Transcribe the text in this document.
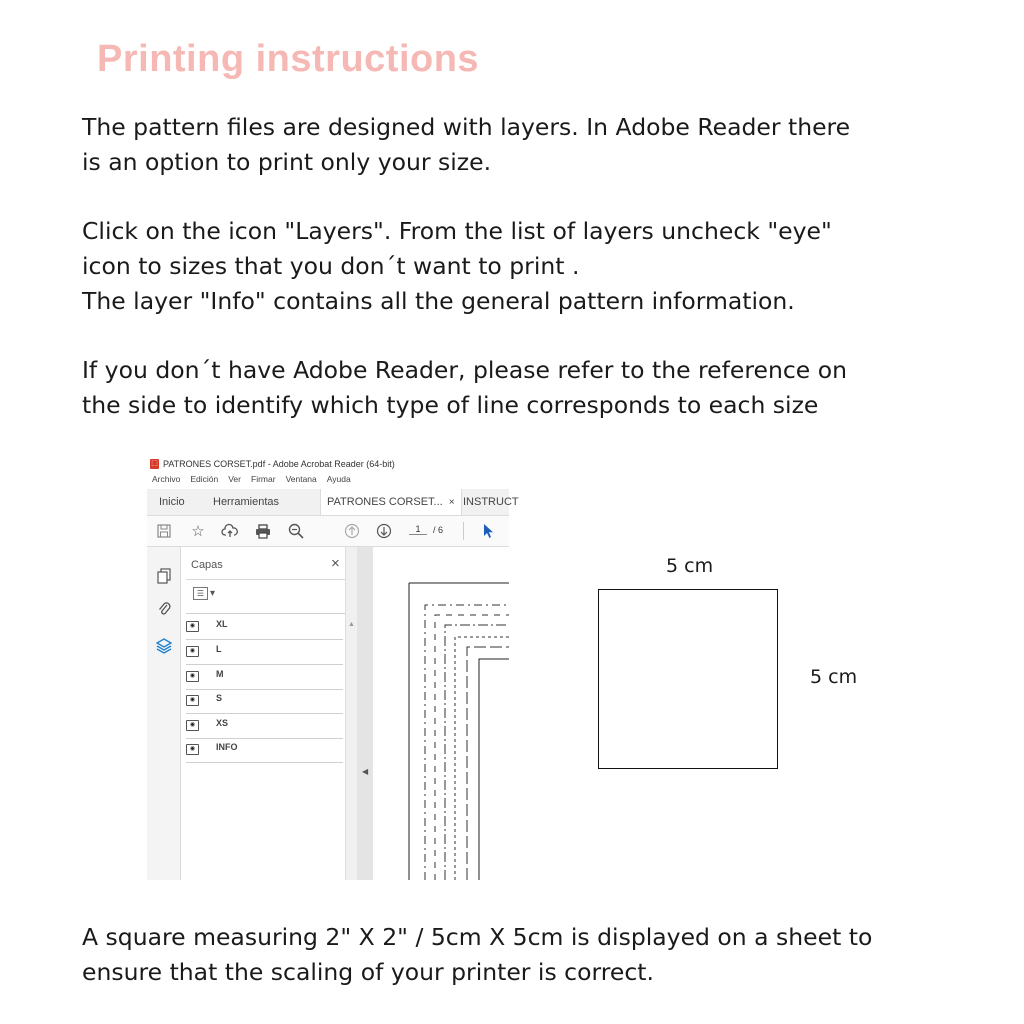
Printing instructions
The pattern files are designed with layers. In Adobe Reader there
is an option to print only your size.
Click on the icon "Layers". From the list of layers uncheck "eye"
icon to sizes that you don´t want to print .
The layer "Info" contains all the general pattern information.
If you don´t have Adobe Reader, please refer to the reference on
the side to identify which type of line corresponds to each size
⬚ PATRONES CORSET.pdf - Adobe Acrobat Reader (64-bit)
Archivo Edición Ver Firmar Ventana Ayuda
Inicio	Herramientas	PATRONES CORSET... × INSTRUCT
☆	1	/ 6
Capas	×
☰ ▾
◉	XL
◉	L
◉	M
◉	S
◉	XS
◉	INFO
▲
◀
5 cm
5 cm
A square measuring 2" X 2" / 5cm X 5cm is displayed on a sheet to
ensure that the scaling of your printer is correct.
